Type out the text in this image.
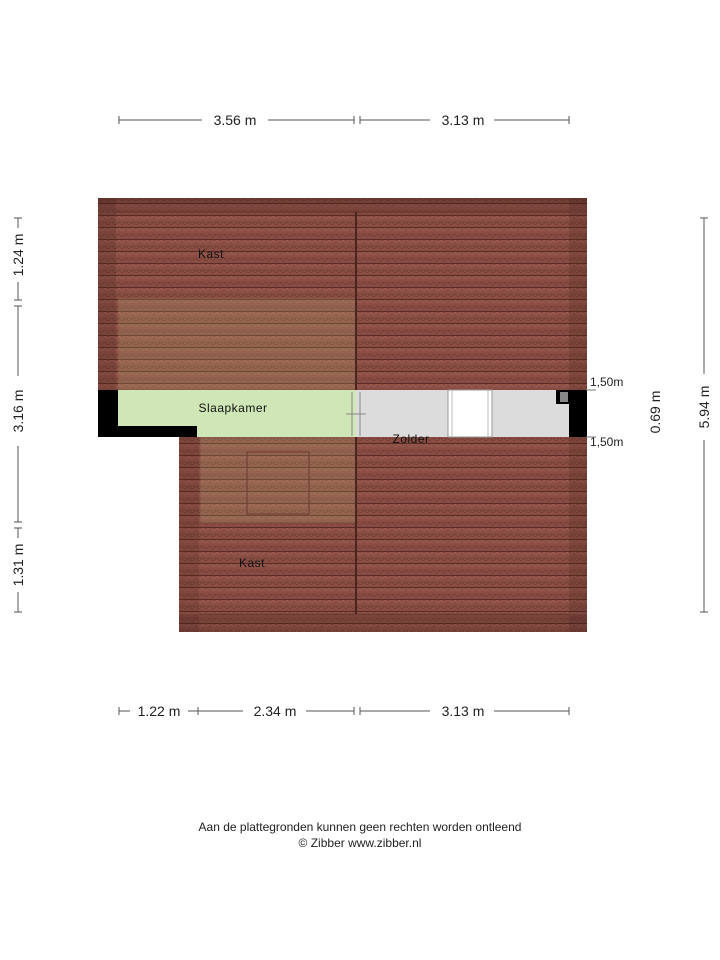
Kast
Slaapkamer
Zolder
Kast
3.56 m	3.13 m
1.22 m	2.34 m	3.13 m
1.24 m
3.16 m
1.31 m
0.69 m 5.94 m
1,50m
1,50m
Aan de plattegronden kunnen geen rechten worden ontleend
© Zibber www.zibber.nl
